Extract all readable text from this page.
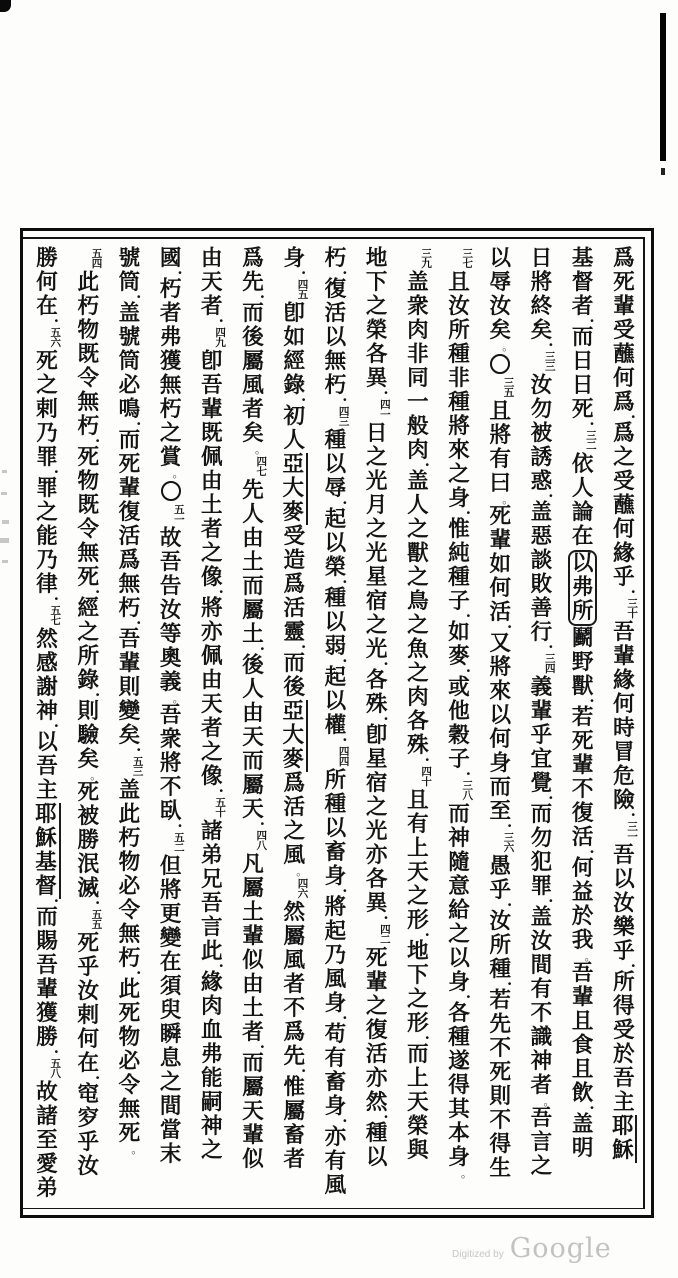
爲
死
輩
受
蘸
何
爲
·
爲
之
受
蘸
何
緣
乎
·
三
十
吾
輩
緣
何
時
冒
危
險
·
三
一
吾
以
汝
樂
乎
·
所
得
受
於
吾
主
耶
穌
基
督
者
·
而
日
日
死
·
三
二
依
人
論
在
以
弗
所
鬬
野
獸
·
若
死
輩
不
復
活
·
何
益
於
我
。
吾
輩
且
食
且
飲
·
盖
明
日
將
終
矣
·
三
三
汝
勿
被
誘
惑
·
盖
惡
談
敗
善
行
·
三
四
義
輩
乎
宜
覺
·
而
勿
犯
罪
·
盖
汝
間
有
不
識
神
者
。
吾
言
之
以
辱
汝
矣
。
三
五
且
將
有
曰
。
死
輩
如
何
活
·
又
將
來
以
何
身
而
至
·
三
六
愚
乎
·
汝
所
種
·
若
先
不
死
則
不
得
生
三
七
且
汝
所
種
非
種
將
來
之
身
·
惟
純
種
子
·
如
麥
·
或
他
穀
子
·
三
八
而
神
隨
意
給
之
以
身
·
各
種
遂
得
其
本
身
。
三
九
盖
衆
肉
非
同
一
般
肉
·
盖
人
之
獸
之
鳥
之
魚
之
肉
各
殊
·
四
十
且
有
上
天
之
形
·
地
下
之
形
·
而
上
天
榮
與
地
下
之
榮
各
異
·
四
一
日
之
光
月
之
光
星
宿
之
光
·
各
殊
·
卽
星
宿
之
光
亦
各
異
·
四
二
死
輩
之
復
活
亦
然
·
種
以
朽
·
復
活
以
無
朽
·
四
三
種
以
辱
·
起
以
榮
·
種
以
弱
·
起
以
權
·
四
四
所
種
以
畜
身
·
將
起
乃
風
身
·
苟
有
畜
身
·
亦
有
風
身
·
四
五
卽
如
經
錄
·
初
人
亞
大
麥
受
造
爲
活
靈
·
而
後
亞
大
麥
爲
活
之
風
。
四
六
然
屬
風
者
不
爲
先
·
惟
屬
畜
者
爲
先
·
而
後
屬
風
者
矣
。
四
七
先
人
由
土
而
屬
土
·
後
人
由
天
而
屬
天
·
四
八
凡
屬
土
輩
似
由
土
者
·
而
屬
天
輩
似
由
天
者
·
四
九
卽
吾
輩
既
佩
由
土
者
之
像
·
將
亦
佩
由
天
者
之
像
·
五
十
諸
弟
兄
吾
言
此
·
緣
肉
血
弗
能
嗣
神
之
國
·
朽
者
弗
獲
無
朽
之
賞
。
五
一
故
吾
告
汝
等
奧
義
。
吾
衆
將
不
臥
·
五
二
但
將
更
變
在
須
臾
瞬
息
之
間
當
末
號
筒
·
盖
號
筒
必
鳴
·
而
死
輩
復
活
爲
無
朽
·
吾
輩
則
變
矣
·
五
三
盖
此
朽
物
必
令
無
朽
·
此
死
物
必
令
無
死
。
五
四
此
朽
物
既
令
無
朽
·
死
物
既
令
無
死
·
經
之
所
錄
·
則
驗
矣
。
死
被
勝
泯
滅
·
五
五
死
乎
汝
剌
何
在
·
窀
穸
乎
汝
勝
何
在
·
五
六
死
之
剌
乃
罪
·
罪
之
能
乃
律
·
五
七
然
感
謝
神
·
以
吾
主
耶
穌
基
督
·
而
賜
吾
輩
獲
勝
·
五
八
故
諸
至
愛
弟
Digitized by Google
